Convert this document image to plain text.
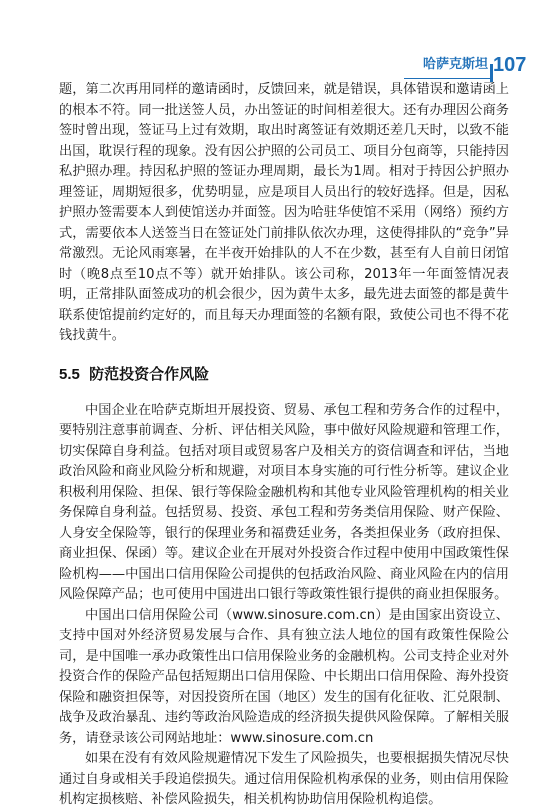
哈萨克斯坦 107

题，第二次再用同样的邀请函时，反馈回来，就是错误，具体错误和邀请函上的根本不符。同一批送签人员，办出签证的时间相差很大。还有办理因公商务签时曾出现，签证马上过有效期，取出时离签证有效期还差几天时，以致不能出国，耽误行程的现象。没有因公护照的公司员工、项目分包商等，只能持因私护照办理。持因私护照的签证办理周期，最长为1周。相对于持因公护照办理签证，周期短很多，优势明显，应是项目人员出行的较好选择。但是，因私护照办签需要本人到使馆送办并面签。因为哈驻华使馆不采用（网络）预约方式，需要依本人送签当日在签证处门前排队依次办理，这使得排队的“竞争”异常激烈。无论风雨寒暑，在半夜开始排队的人不在少数，甚至有人自前日闭馆时（晚8点至10点不等）就开始排队。该公司称，2013年一年面签情况表明，正常排队面签成功的机会很少，因为黄牛太多，最先进去面签的都是黄牛联系使馆提前约定好的，而且每天办理面签的名额有限，致使公司也不得不花钱找黄牛。

5.5 防范投资合作风险

中国企业在哈萨克斯坦开展投资、贸易、承包工程和劳务合作的过程中，要特别注意事前调查、分析、评估相关风险，事中做好风险规避和管理工作，切实保障自身利益。包括对项目或贸易客户及相关方的资信调查和评估，当地政治风险和商业风险分析和规避，对项目本身实施的可行性分析等。建议企业积极利用保险、担保、银行等保险金融机构和其他专业风险管理机构的相关业务保障自身利益。包括贸易、投资、承包工程和劳务类信用保险、财产保险、人身安全保险等，银行的保理业务和福费廷业务，各类担保业务（政府担保、商业担保、保函）等。建议企业在开展对外投资合作过程中使用中国政策性保险机构——中国出口信用保险公司提供的包括政治风险、商业风险在内的信用风险保障产品；也可使用中国进出口银行等政策性银行提供的商业担保服务。

中国出口信用保险公司（www.sinosure.com.cn）是由国家出资设立、支持中国对外经济贸易发展与合作、具有独立法人地位的国有政策性保险公司，是中国唯一承办政策性出口信用保险业务的金融机构。公司支持企业对外投资合作的保险产品包括短期出口信用保险、中长期出口信用保险、海外投资保险和融资担保等，对因投资所在国（地区）发生的国有化征收、汇兑限制、战争及政治暴乱、违约等政治风险造成的经济损失提供风险保障。了解相关服务，请登录该公司网站地址：www.sinosure.com.cn

如果在没有有效风险规避情况下发生了风险损失，也要根据损失情况尽快通过自身或相关手段追偿损失。通过信用保险机构承保的业务，则由信用保险机构定损核赔、补偿风险损失，相关机构协助信用保险机构追偿。
